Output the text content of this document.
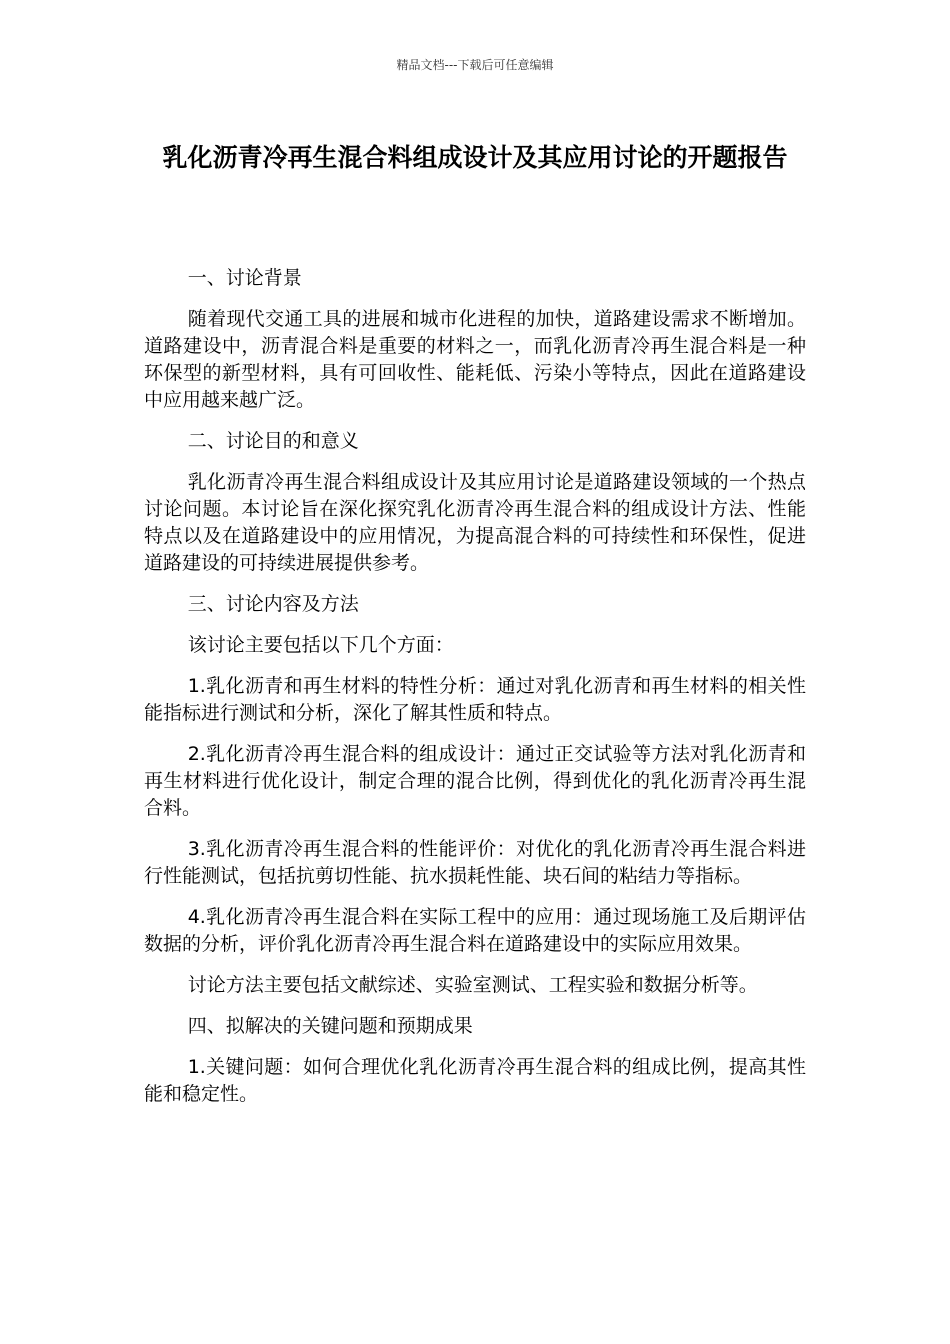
精品文档---下载后可任意编辑
乳化沥青冷再生混合料组成设计及其应用讨论的开题报告

一、讨论背景

随着现代交通工具的进展和城市化进程的加快，道路建设需求不断增加。道路建设中，沥青混合料是重要的材料之一，而乳化沥青冷再生混合料是一种环保型的新型材料，具有可回收性、能耗低、污染小等特点，因此在道路建设中应用越来越广泛。

二、讨论目的和意义

乳化沥青冷再生混合料组成设计及其应用讨论是道路建设领域的一个热点讨论问题。本讨论旨在深化探究乳化沥青冷再生混合料的组成设计方法、性能特点以及在道路建设中的应用情况，为提高混合料的可持续性和环保性，促进道路建设的可持续进展提供参考。

三、讨论内容及方法

该讨论主要包括以下几个方面：

1.乳化沥青和再生材料的特性分析：通过对乳化沥青和再生材料的相关性能指标进行测试和分析，深化了解其性质和特点。

2.乳化沥青冷再生混合料的组成设计：通过正交试验等方法对乳化沥青和再生材料进行优化设计，制定合理的混合比例，得到优化的乳化沥青冷再生混合料。

3.乳化沥青冷再生混合料的性能评价：对优化的乳化沥青冷再生混合料进行性能测试，包括抗剪切性能、抗水损耗性能、块石间的粘结力等指标。

4.乳化沥青冷再生混合料在实际工程中的应用：通过现场施工及后期评估数据的分析，评价乳化沥青冷再生混合料在道路建设中的实际应用效果。

讨论方法主要包括文献综述、实验室测试、工程实验和数据分析等。

四、拟解决的关键问题和预期成果

1.关键问题：如何合理优化乳化沥青冷再生混合料的组成比例，提高其性能和稳定性。
